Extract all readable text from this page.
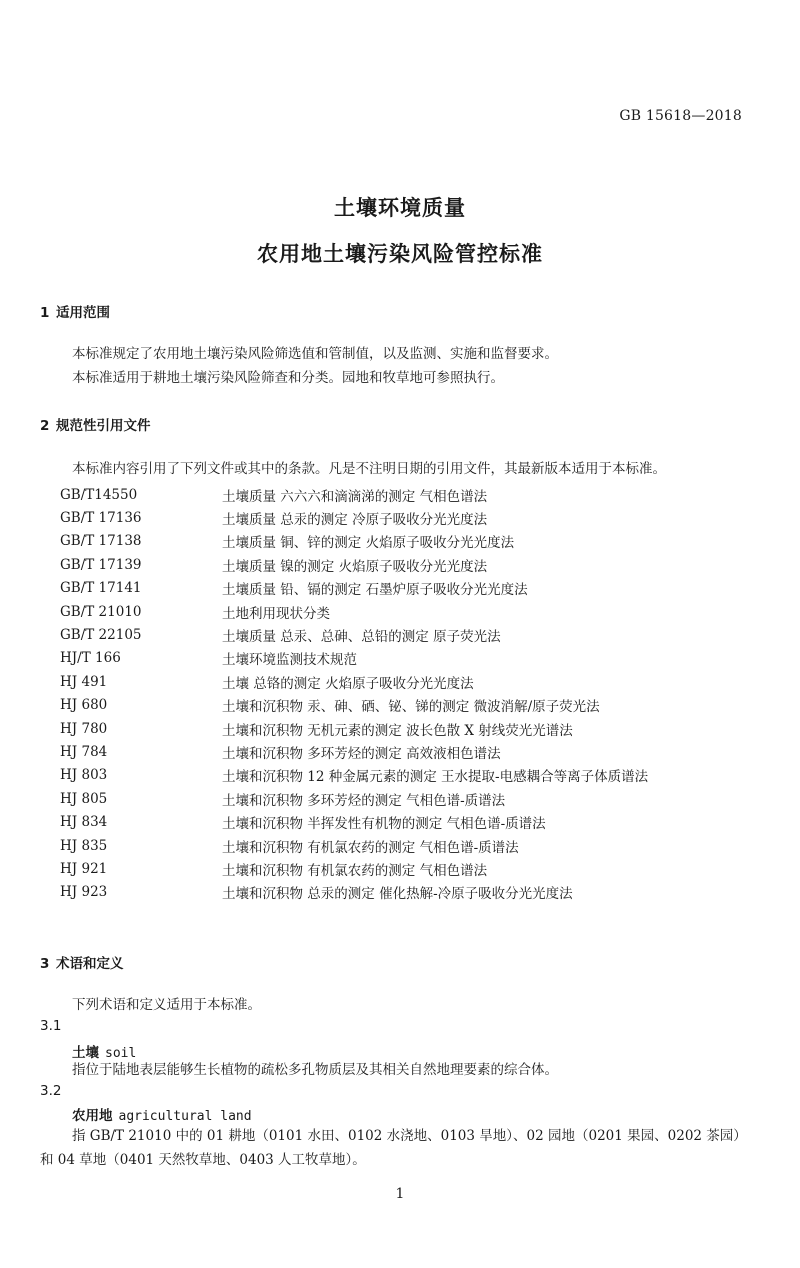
GB 15618—2018
土壤环境质量
农用地土壤污染风险管控标准
1 适用范围
本标准规定了农用地土壤污染风险筛选值和管制值，以及监测、实施和监督要求。
本标准适用于耕地土壤污染风险筛查和分类。园地和牧草地可参照执行。
2 规范性引用文件
本标准内容引用了下列文件或其中的条款。凡是不注明日期的引用文件，其最新版本适用于本标准。
GB/T14550	土壤质量 六六六和滴滴涕的测定 气相色谱法
GB/T 17136	土壤质量 总汞的测定 冷原子吸收分光光度法
GB/T 17138	土壤质量 铜、锌的测定 火焰原子吸收分光光度法
GB/T 17139	土壤质量 镍的测定 火焰原子吸收分光光度法
GB/T 17141	土壤质量 铅、镉的测定 石墨炉原子吸收分光光度法
GB/T 21010	土地利用现状分类
GB/T 22105	土壤质量 总汞、总砷、总铅的测定 原子荧光法
HJ/T 166	土壤环境监测技术规范
HJ 491	土壤 总铬的测定 火焰原子吸收分光光度法
HJ 680	土壤和沉积物 汞、砷、硒、铋、锑的测定 微波消解/原子荧光法
HJ 780	土壤和沉积物 无机元素的测定 波长色散 X 射线荧光光谱法
HJ 784	土壤和沉积物 多环芳烃的测定 高效液相色谱法
HJ 803	土壤和沉积物 12 种金属元素的测定 王水提取-电感耦合等离子体质谱法
HJ 805	土壤和沉积物 多环芳烃的测定 气相色谱-质谱法
HJ 834	土壤和沉积物 半挥发性有机物的测定 气相色谱-质谱法
HJ 835	土壤和沉积物 有机氯农药的测定 气相色谱-质谱法
HJ 921	土壤和沉积物 有机氯农药的测定 气相色谱法
HJ 923	土壤和沉积物 总汞的测定 催化热解-冷原子吸收分光光度法
3 术语和定义
下列术语和定义适用于本标准。
3.1
土壤 soil
指位于陆地表层能够生长植物的疏松多孔物质层及其相关自然地理要素的综合体。
3.2
农用地 agricultural land
指 GB/T 21010 中的 01 耕地（0101 水田、0102 水浇地、0103 旱地）、02 园地（0201 果园、0202 茶园）和 04 草地（0401 天然牧草地、0403 人工牧草地）。
1
